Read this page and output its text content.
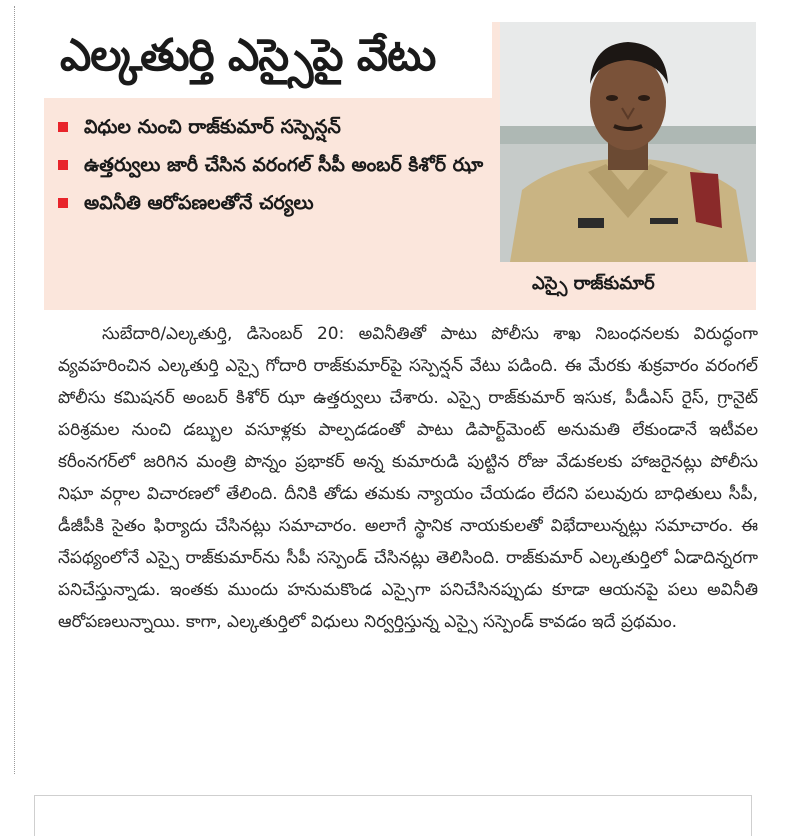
ఎల్కతుర్తి ఎస్సైపై వేటు
విధుల నుంచి రాజ్‌కుమార్ సస్పెన్షన్
ఉత్తర్వులు జారీ చేసిన వరంగల్ సీపీ అంబర్ కిశోర్ ఝా
అవినీతి ఆరోపణలతోనే చర్యలు
ఎస్సై రాజ్‌కుమార్

సుబేదారి/ఎల్కతుర్తి, డిసెంబర్ 20: అవినీతితో పాటు పోలీసు శాఖ నిబంధనలకు విరుద్ధంగా వ్యవహరించిన ఎల్కతుర్తి ఎస్సై గోదారి రాజ్‌కుమార్‌పై సస్పెన్షన్ వేటు పడింది. ఈ మేరకు శుక్రవారం వరంగల్ పోలీసు కమిషనర్ అంబర్ కిశోర్ ఝా ఉత్తర్వులు చేశారు. ఎస్సై రాజ్‌కుమార్ ఇసుక, పీడీఎస్ రైస్, గ్రానైట్ పరిశ్రమల నుంచి డబ్బుల వసూళ్లకు పాల్పడడంతో పాటు డిపార్ట్‌మెంట్ అనుమతి లేకుండానే ఇటీవల కరీంనగర్‌లో జరిగిన మంత్రి పొన్నం ప్రభాకర్ అన్న కుమారుడి పుట్టిన రోజు వేడుకలకు హాజరైనట్లు పోలీసు నిఘా వర్గాల విచారణలో తేలింది. దీనికి తోడు తమకు న్యాయం చేయడం లేదని పలువురు బాధితులు సీపీ, డీజీపీకి సైతం ఫిర్యాదు చేసినట్లు సమాచారం. అలాగే స్థానిక నాయకులతో విభేదాలున్నట్లు సమాచారం. ఈ నేపథ్యంలోనే ఎస్సై రాజ్‌కుమార్‌ను సీపీ సస్పెండ్ చేసినట్లు తెలిసింది. రాజ్‌కుమార్ ఎల్కతుర్తిలో ఏడాదిన్నరగా పనిచేస్తున్నాడు. ఇంతకు ముందు హనుమకొండ ఎస్సైగా పనిచేసినప్పుడు కూడా ఆయనపై పలు అవినీతి ఆరోపణలున్నాయి. కాగా, ఎల్కతుర్తిలో విధులు నిర్వర్తిస్తున్న ఎస్సై సస్పెండ్ కావడం ఇదే ప్రథమం.
